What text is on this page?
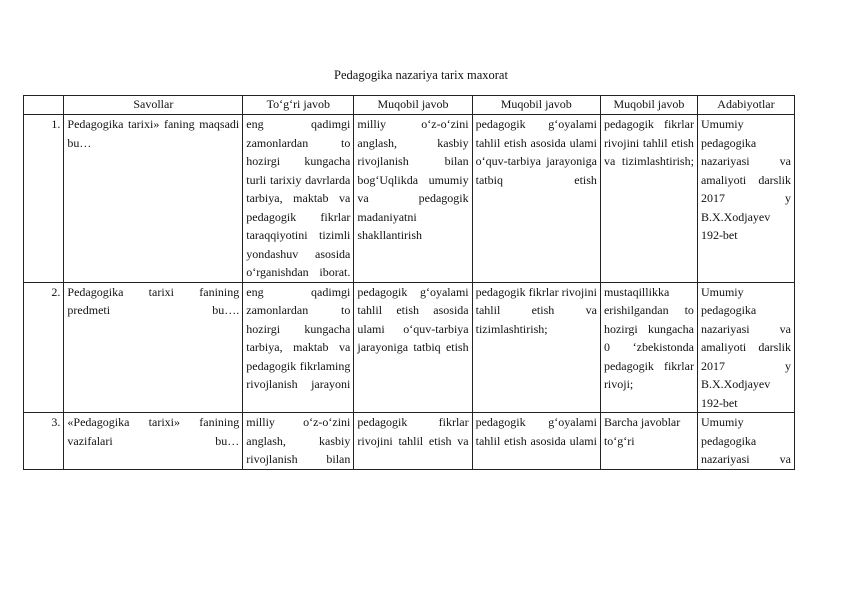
Pedagogika nazariya tarix maxorat
	Savollar	To‘g‘ri javob	Muqobil javob	Muqobil javob	Muqobil javob	Adabiyotlar
1.	Pedagogika tarixi» faning maqsadi bu…	eng qadimgi zamonlardan to hozirgi kungacha turli tarixiy davrlarda tarbiya, maktab va pedagogik fikrlar taraqqiyotini tizimli yondashuv asosida o‘rganishdan iborat.	milliy o‘z-o‘zini anglash, kasbiy rivojlanish bilan bog‘Uqlikda umumiy va pedagogik madaniyatni shakllantirish	pedagogik g‘oyalami tahlil etish asosida ulami o‘quv-tarbiya jarayoniga tatbiq etish	pedagogik fikrlar rivojini tahlil etish va tizimlashtirish;	Umumiy pedagogika nazariyasi va amaliyoti darslik 2017 y B.X.Xodjayev 192-bet
2.	Pedagogika tarixi fanining predmeti bu….	eng qadimgi zamonlardan to hozirgi kungacha tarbiya, maktab va pedagogik fikrlaming rivojlanish jarayoni	pedagogik g‘oyalami tahlil etish asosida ulami o‘quv-tarbiya jarayoniga tatbiq etish	pedagogik fikrlar rivojini tahlil etish va tizimlashtirish;	mustaqillikka erishilgandan to hozirgi kungacha 0 ‘zbekistonda pedagogik fikrlar rivoji;	Umumiy pedagogika nazariyasi va amaliyoti darslik 2017 y B.X.Xodjayev 192-bet
3.	«Pedagogika tarixi» fanining vazifalari bu…	milliy o‘z-o‘zini anglash, kasbiy rivojlanish bilan	pedagogik fikrlar rivojini tahlil etish va	pedagogik g‘oyalami tahlil etish asosida ulami	Barcha javoblar to‘g‘ri	Umumiy pedagogika nazariyasi va
